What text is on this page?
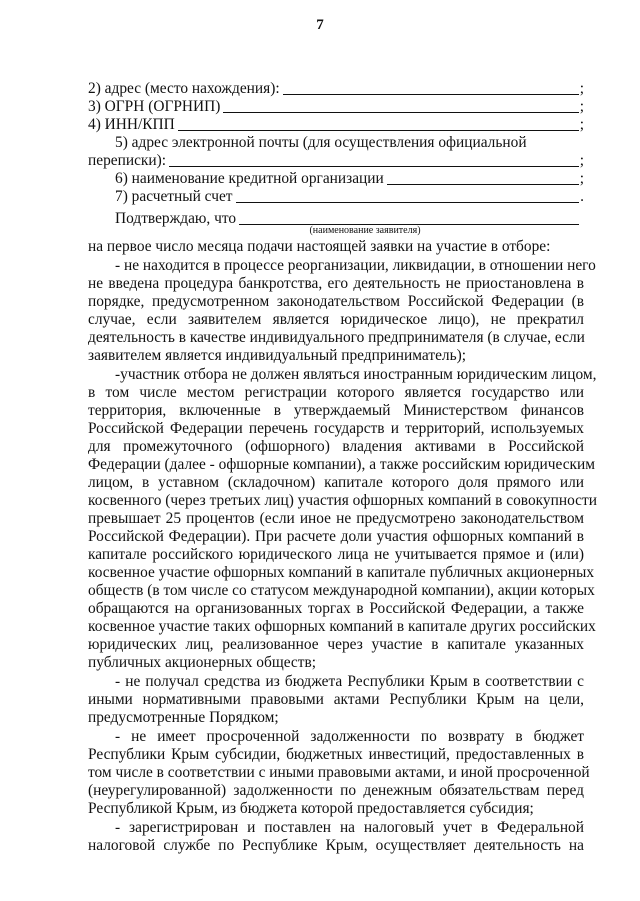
7
2) адрес (место нахождения):	;
3) ОГРН (ОГРНИП)	;
4) ИНН/КПП	;
5) адрес электронной почты (для осуществления официальной
переписки):	;
6) наименование кредитной организации	;
7) расчетный счет	.
Подтверждаю, что
(наименование заявителя)
на первое число месяца подачи настоящей заявки на участие в отборе:
- не находится в процессе реорганизации, ликвидации, в отношении него
не введена процедура банкротства, его деятельность не приостановлена в
порядке, предусмотренном законодательством Российской Федерации (в
случае, если заявителем является юридическое лицо), не прекратил
деятельность в качестве индивидуального предпринимателя (в случае, если
заявителем является индивидуальный предприниматель);
-участник отбора не должен являться иностранным юридическим лицом,
в том числе местом регистрации которого является государство или
территория, включенные в утверждаемый Министерством финансов
Российской Федерации перечень государств и территорий, используемых
для промежуточного (офшорного) владения активами в Российской
Федерации (далее - офшорные компании), а также российским юридическим
лицом, в уставном (складочном) капитале которого доля прямого или
косвенного (через третьих лиц) участия офшорных компаний в совокупности
превышает 25 процентов (если иное не предусмотрено законодательством
Российской Федерации). При расчете доли участия офшорных компаний в
капитале российского юридического лица не учитывается прямое и (или)
косвенное участие офшорных компаний в капитале публичных акционерных
обществ (в том числе со статусом международной компании), акции которых
обращаются на организованных торгах в Российской Федерации, а также
косвенное участие таких офшорных компаний в капитале других российских
юридических лиц, реализованное через участие в капитале указанных
публичных акционерных обществ;
- не получал средства из бюджета Республики Крым в соответствии с
иными нормативными правовыми актами Республики Крым на цели,
предусмотренные Порядком;
- не имеет просроченной задолженности по возврату в бюджет
Республики Крым субсидии, бюджетных инвестиций, предоставленных в
том числе в соответствии с иными правовыми актами, и иной просроченной
(неурегулированной) задолженности по денежным обязательствам перед
Республикой Крым, из бюджета которой предоставляется субсидия;
- зарегистрирован и поставлен на налоговый учет в Федеральной
налоговой службе по Республике Крым, осуществляет деятельность на
